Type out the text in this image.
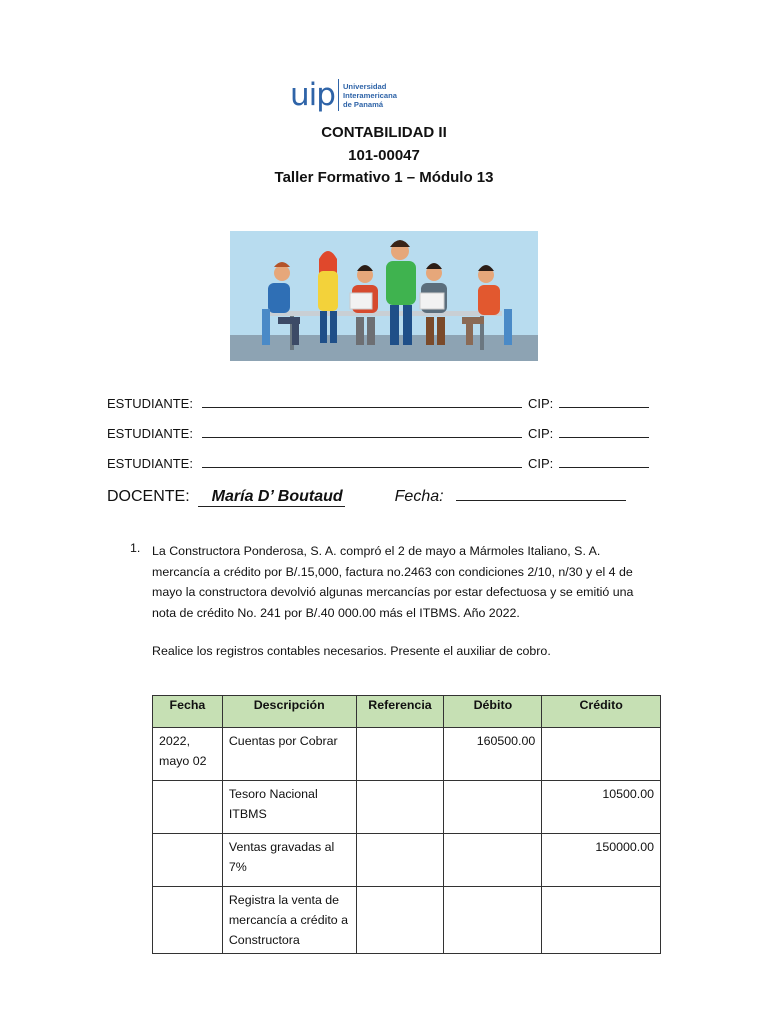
uip Universidad
Interamericana
de Panamá
CONTABILIDAD II
101-00047
Taller Formativo 1 – Módulo 13
ESTUDIANTE:	CIP:
ESTUDIANTE:	CIP:
ESTUDIANTE:	CIP:
DOCENTE:	María D’ Boutaud	Fecha:
1. La Constructora Ponderosa, S. A. compró el 2 de mayo a Mármoles Italiano, S. A. mercancía a crédito por B/.15,000, factura no.2463 con condiciones 2/10, n/30 y el 4 de mayo la constructora devolvió algunas mercancías por estar defectuosa y se emitió una nota de crédito No. 241 por B/.40 000.00 más el ITBMS. Año 2022.
Realice los registros contables necesarios. Presente el auxiliar de cobro.
Fecha	Descripción	Referencia	Débito	Crédito
2022, mayo 02	Cuentas por Cobrar		160500.00	
	Tesoro Nacional ITBMS			10500.00
	Ventas gravadas al 7%			150000.00
	Registra la venta de mercancía a crédito a Constructora			
